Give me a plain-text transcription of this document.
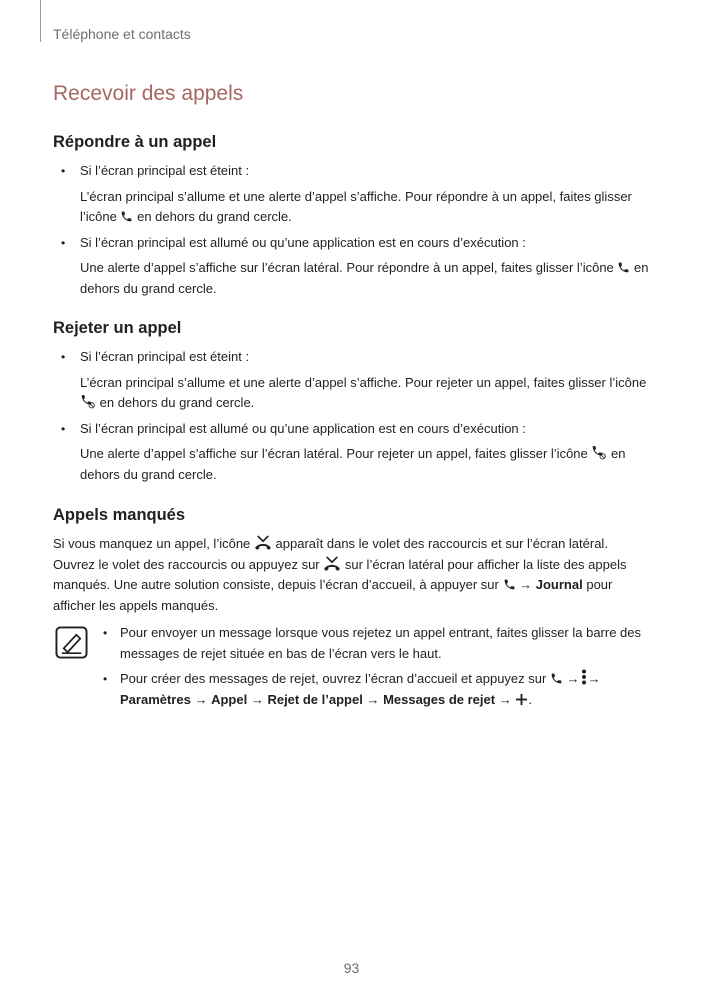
Téléphone et contacts
Recevoir des appels
Répondre à un appel
• Si l’écran principal est éteint :
L’écran principal s’allume et une alerte d’appel s’affiche. Pour répondre à un appel, faites glisser l’icône en dehors du grand cercle.
• Si l’écran principal est allumé ou qu’une application est en cours d’exécution :
Une alerte d’appel s’affiche sur l’écran latéral. Pour répondre à un appel, faites glisser l’icône en dehors du grand cercle.
Rejeter un appel
• Si l’écran principal est éteint :
L’écran principal s’allume et une alerte d’appel s’affiche. Pour rejeter un appel, faites glisser l’icône  en dehors du grand cercle.
• Si l’écran principal est allumé ou qu’une application est en cours d’exécution :
Une alerte d’appel s’affiche sur l’écran latéral. Pour rejeter un appel, faites glisser l’icône en dehors du grand cercle.
Appels manqués

Si vous manquez un appel, l’icône apparaît dans le volet des raccourcis et sur l’écran latéral. Ouvrez le volet des raccourcis ou appuyez sur sur l’écran latéral pour afficher la liste des appels manqués. Une autre solution consiste, depuis l’écran d’accueil, à appuyer sur → Journal pour afficher les appels manqués.

• Pour envoyer un message lorsque vous rejetez un appel entrant, faites glisser la barre des messages de rejet située en bas de l’écran vers le haut.
• Pour créer des messages de rejet, ouvrez l’écran d’accueil et appuyez sur → → Paramètres → Appel → Rejet de l’appel → Messages de rejet → .
93
